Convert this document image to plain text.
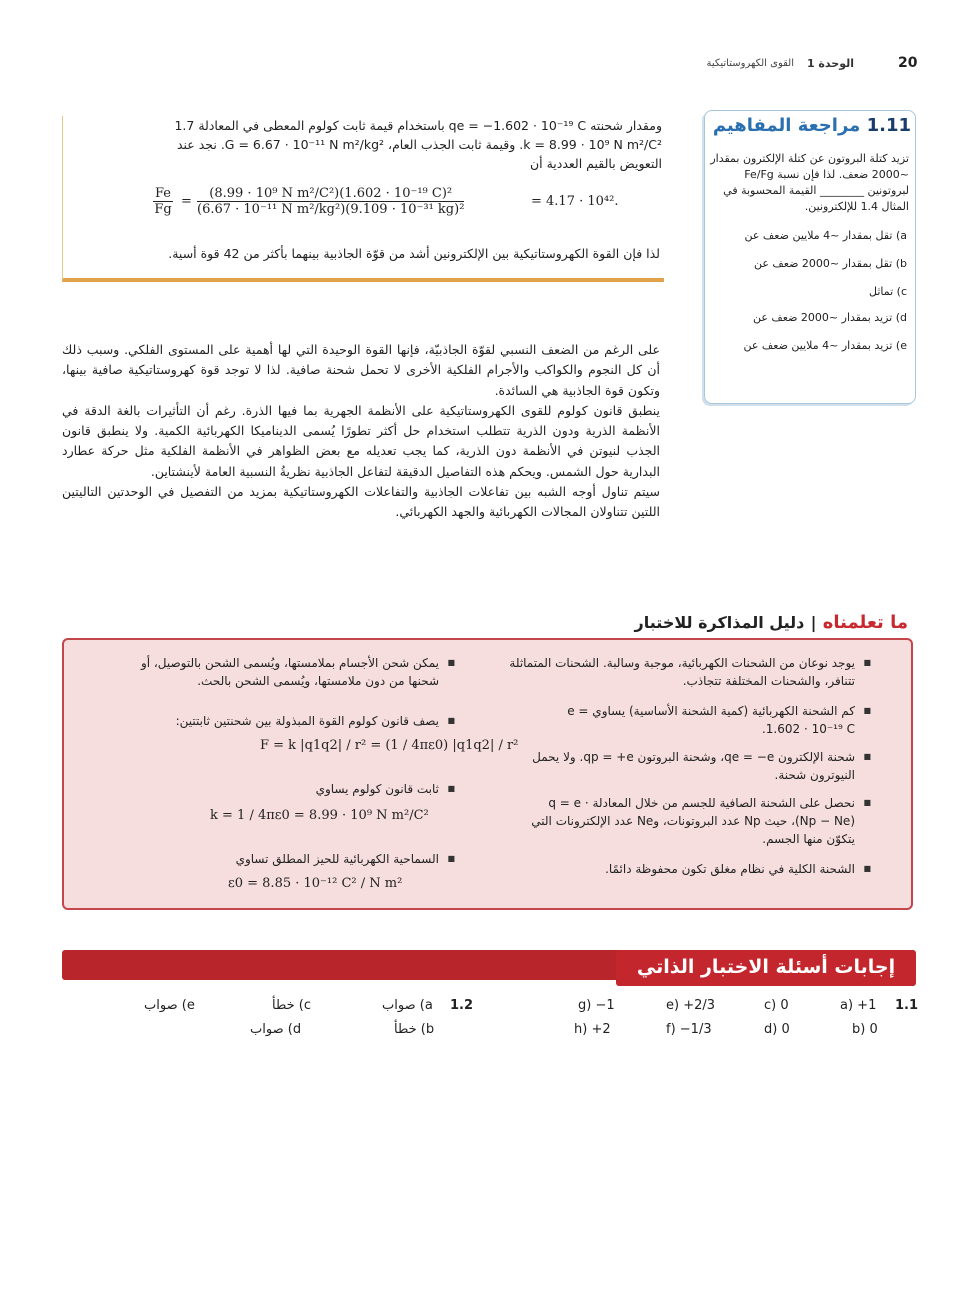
20
الوحدة 1
القوى الكهروستاتيكية

ومقدار شحنته qe = −1.602 · 10⁻¹⁹ C باستخدام قيمة ثابت كولوم المعطى في المعادلة 1.7

k = 8.99 · 10⁹ N m²/C². وقيمة ثابت الجذب العام، G = 6.67 · 10⁻¹¹ N m²/kg². نجد عند

التعويض بالقيم العددية أن

$\frac{Fe}{Fg} = \frac{\text{(8.99 · 10⁹ N m²/C²)(1.602 · 10⁻¹⁹ C)²}}{\text{(6.67 · 10⁻¹¹ N m²/kg²)(9.109 · 10⁻³¹ kg)²}}$	= 4.17 · 10⁴².

لذا فإن القوة الكهروستاتيكية بين الإلكترونين أشد من قوّة الجاذبية بينهما بأكثر من 42 قوة أسية.

1.11 مراجعة المفاهيم

تزيد كتلة البروتون عن كتلة الإلكترون بمقدار ~2000 ضعف. لذا فإن نسبة Fe/Fg لبروتونين ________ القيمة المحسوبة في المثال 1.4 للإلكترونين.

a) تقل بمقدار ~4 ملايين ضعف عن
b) تقل بمقدار ~2000 ضعف عن
c) تماثل
d) تزيد بمقدار ~2000 ضعف عن
e) تزيد بمقدار ~4 ملايين ضعف عن

على الرغم من الضعف النسبي لقوّة الجاذبيّة، فإنها القوة الوحيدة التي لها أهمية على المستوى الفلكي. وسبب ذلك أن كل النجوم والكواكب والأجرام الفلكية الأخرى لا تحمل شحنة صافية. لذا لا توجد قوة كهروستاتيكية صافية بينها، وتكون قوة الجاذبية هي السائدة.

ينطبق قانون كولوم للقوى الكهروستاتيكية على الأنظمة الجهرية بما فيها الذرة. رغم أن التأثيرات بالغة الدقة في الأنظمة الذرية ودون الذرية تتطلب استخدام حل أكثر تطورًا يُسمى الديناميكا الكهربائية الكمية. ولا ينطبق قانون الجذب لنيوتن في الأنظمة دون الذرية، كما يجب تعديله مع بعض الظواهر في الأنظمة الفلكية مثل حركة عطارد البدارية حول الشمس. ويحكم هذه التفاصيل الدقيقة لتفاعل الجاذبية نظريةُ النسبية العامة لأينشتاين.

سيتم تناول أوجه الشبه بين تفاعلات الجاذبية والتفاعلات الكهروستاتيكية بمزيد من التفصيل في الوحدتين التاليتين اللتين تتناولان المجالات الكهربائية والجهد الكهربائي.

ما تعلمناه | دليل المذاكرة للاختبار
■ يوجد نوعان من الشحنات الكهربائية، موجبة وسالبة. الشحنات المتماثلة تتنافر، والشحنات المختلفة تتجاذب.
■ كم الشحنة الكهربائية (كمية الشحنة الأساسية) يساوي e = 1.602 · 10⁻¹⁹ C.
■ شحنة الإلكترون qe = −e، وشحنة البروتون qp = +e. ولا يحمل النيوترون شحنة.
■ نحصل على الشحنة الصافية للجسم من خلال المعادلة q = e · (Np − Ne)، حيث Np عدد البروتونات، وNe عدد الإلكترونات التي يتكوّن منها الجسم.
■ الشحنة الكلية في نظام مغلق تكون محفوظة دائمًا.
■ يمكن شحن الأجسام بملامستها، ويُسمى الشحن بالتوصيل، أو شحنها من دون ملامستها، ويُسمى الشحن بالحث.
■ يصف قانون كولوم القوة المبذولة بين شحنتين ثابتتين:
F = k |q1q2| / r² = (1 / 4πε0) |q1q2| / r²
■ ثابت قانون كولوم يساوي
k = 1 / 4πε0 = 8.99 · 10⁹ N m²/C²
■ السماحية الكهربائية للحيز المطلق تساوي
ε0 = 8.85 · 10⁻¹² C² / N m²
إجابات أسئلة الاختبار الذاتي
1.1
a) +1
b) 0
c) 0
d) 0
e) +2/3
f) −1/3
g) −1
h) +2
1.2
a) صواب
b) خطأ
c) خطأ
d) صواب
e) صواب
